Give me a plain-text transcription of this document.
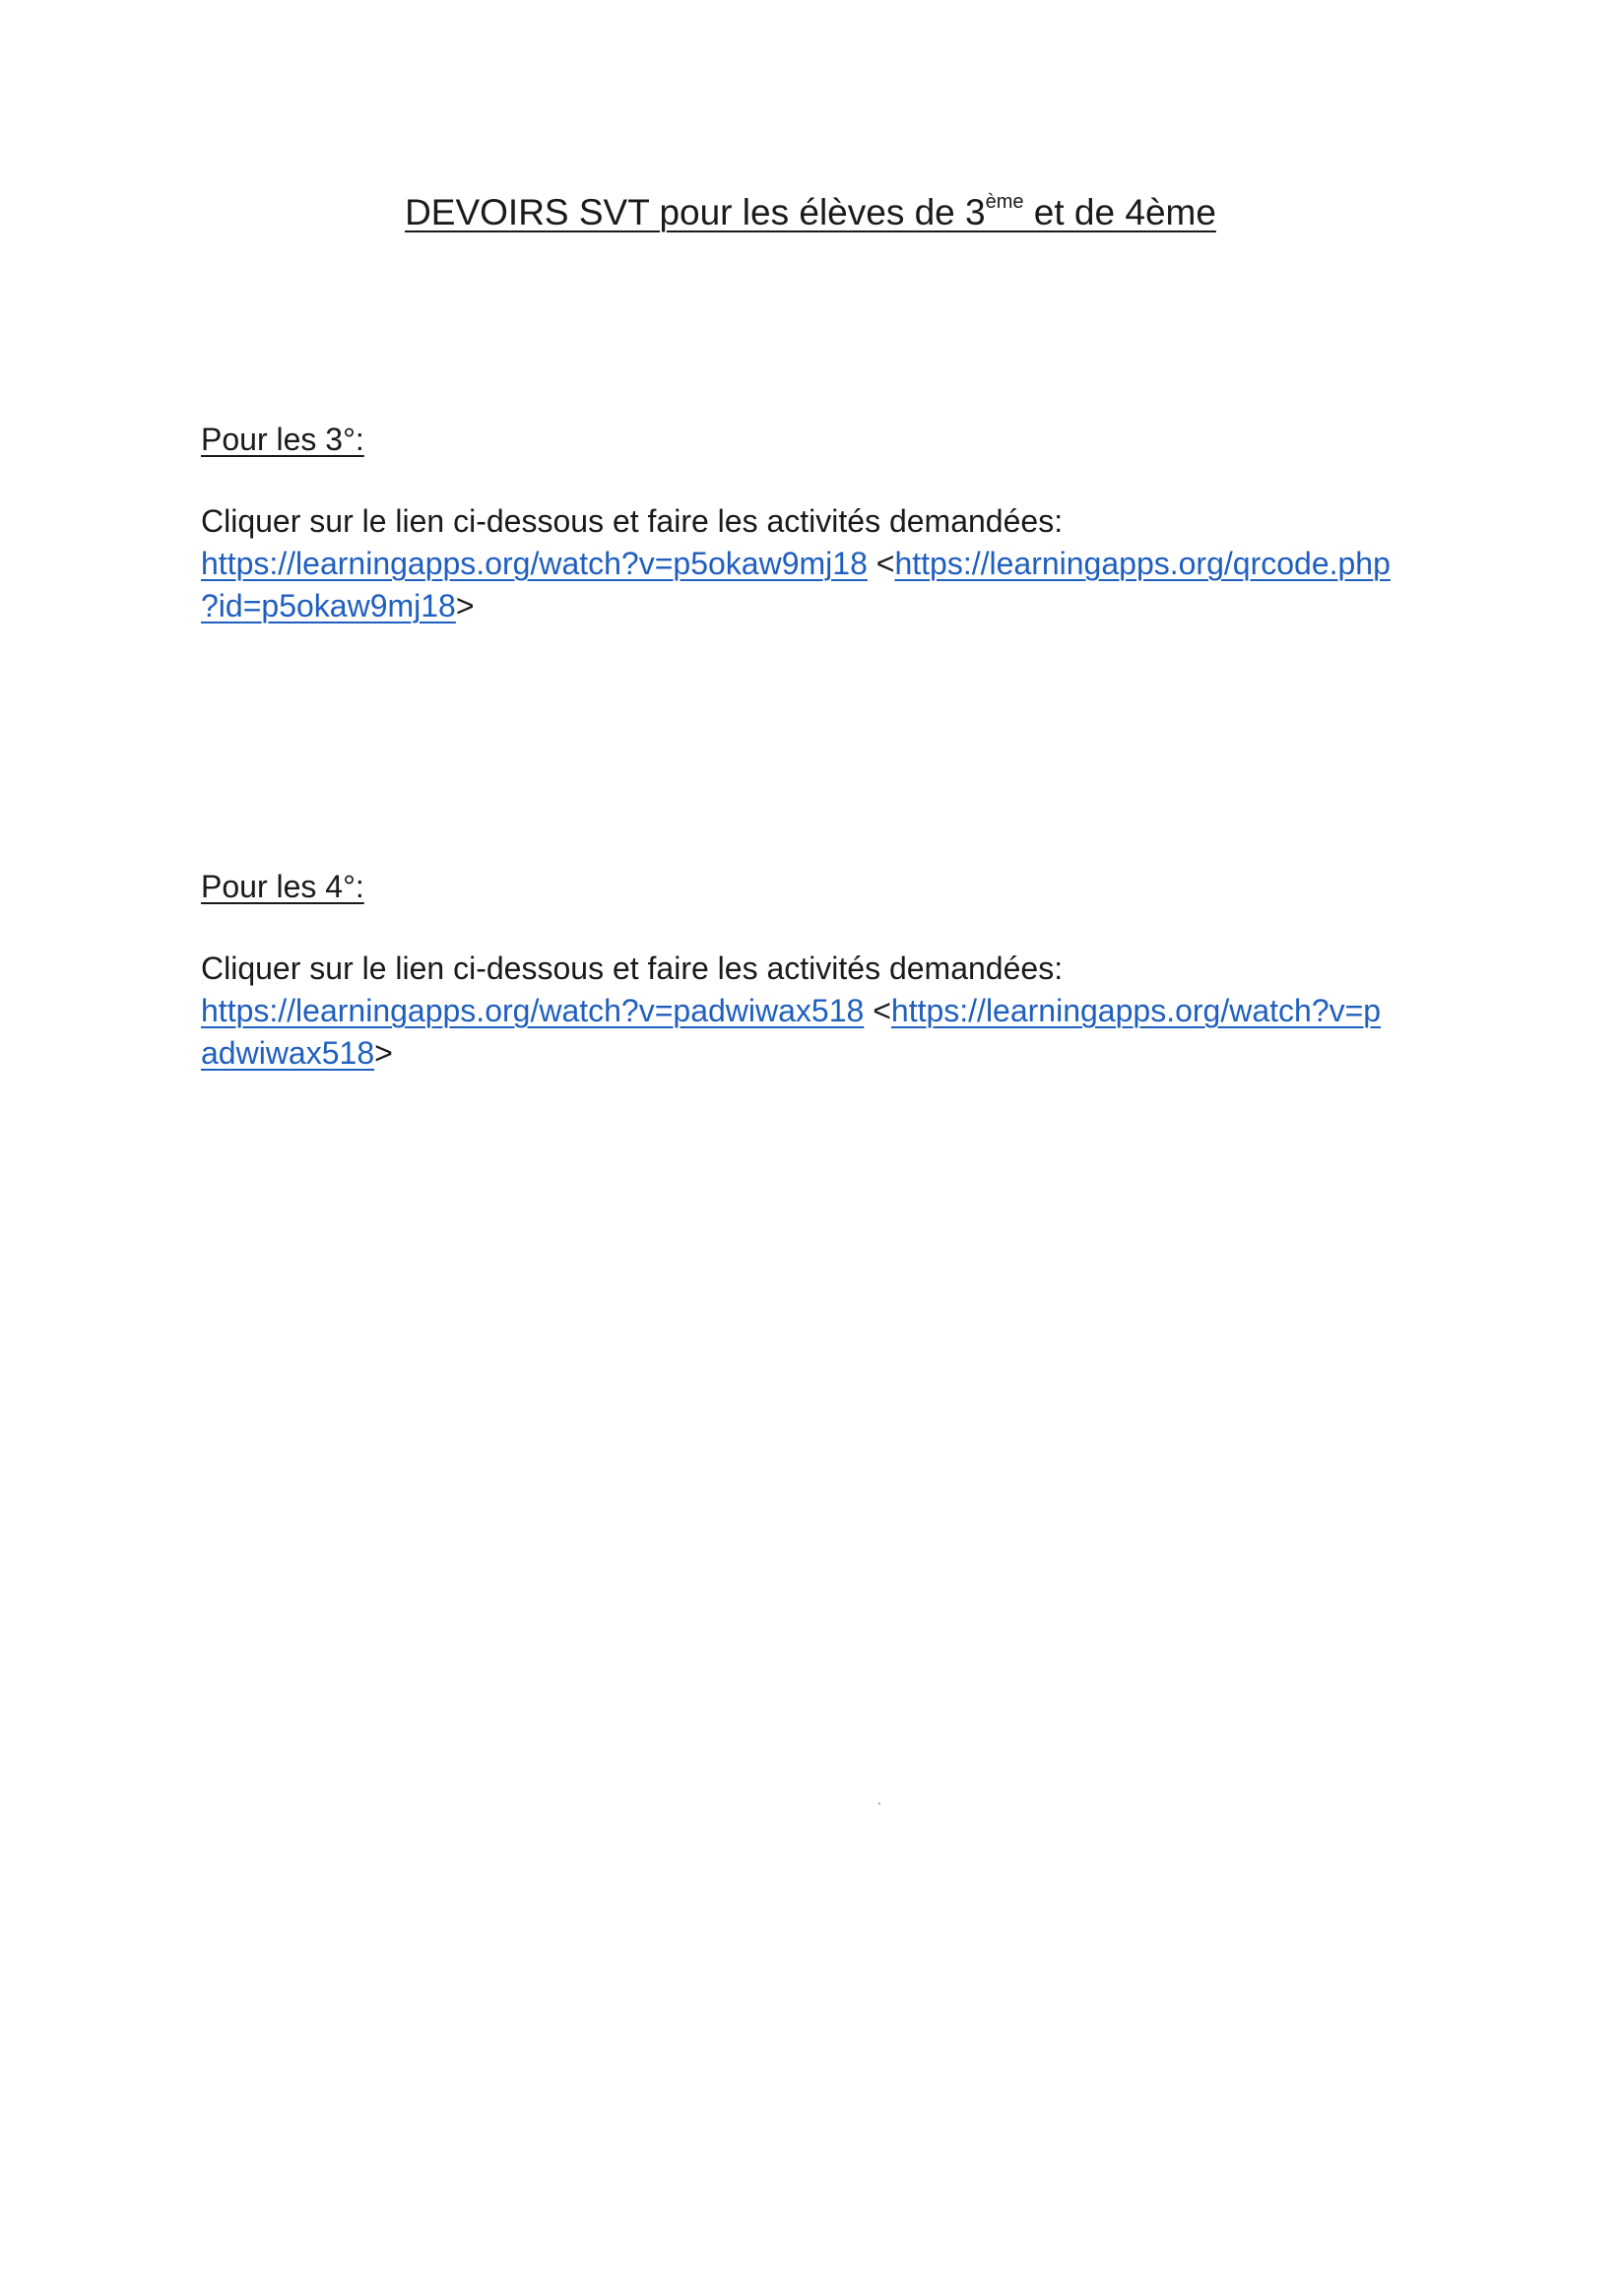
DEVOIRS SVT pour les élèves de 3ème et de 4ème
Pour les 3°:
Cliquer sur le lien ci-dessous et faire les activités demandées:
https://learningapps.org/watch?v=p5okaw9mj18 <https://learningapps.org/qrcode.php
?id=p5okaw9mj18>
Pour les 4°:
Cliquer sur le lien ci-dessous et faire les activités demandées:
https://learningapps.org/watch?v=padwiwax518 <https://learningapps.org/watch?v=p
adwiwax518>
